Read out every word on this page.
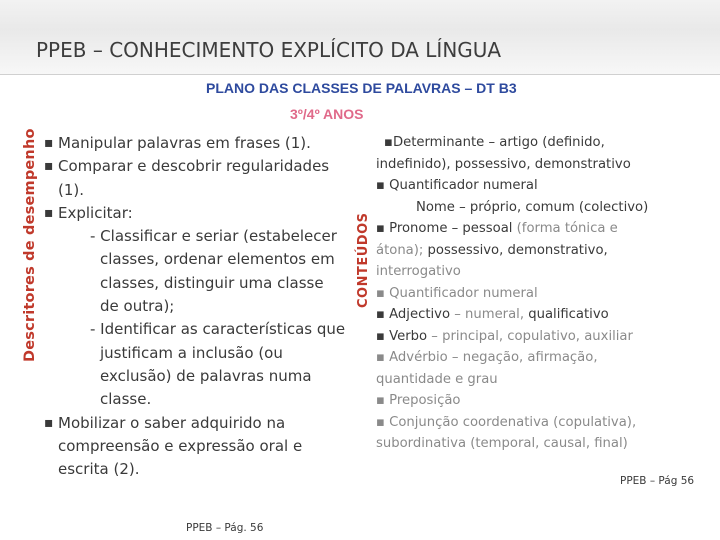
PPEB – CONHECIMENTO EXPLÍCITO DA LÍNGUA
PLANO DAS CLASSES DE PALAVRAS – DT B3
3º/4º ANOS
Descritores de desempenho	CONTEÚDOS
▪ Manipular palavras em frases (1).
▪ Comparar e descobrir regularidades
(1).
▪ Explicitar:
- Classificar e seriar (estabelecer
classes, ordenar elementos em
classes, distinguir uma classe
de outra);
- Identificar as características que
justificam a inclusão (ou
exclusão) de palavras numa
classe.
▪ Mobilizar o saber adquirido na
compreensão e expressão oral e
escrita (2).
▪Determinante – artigo (definido,
indefinido), possessivo, demonstrativo
▪ Quantificador numeral
Nome – próprio, comum (colectivo)
▪ Pronome – pessoal (forma tónica e
átona); possessivo, demonstrativo,
interrogativo
▪ Quantificador numeral
▪ Adjectivo – numeral, qualificativo
▪ Verbo – principal, copulativo, auxiliar
▪ Advérbio – negação, afirmação,
quantidade e grau
▪ Preposição
▪ Conjunção coordenativa (copulativa),
subordinativa (temporal, causal, final)
PPEB – Pág. 56
PPEB – Pág 56
